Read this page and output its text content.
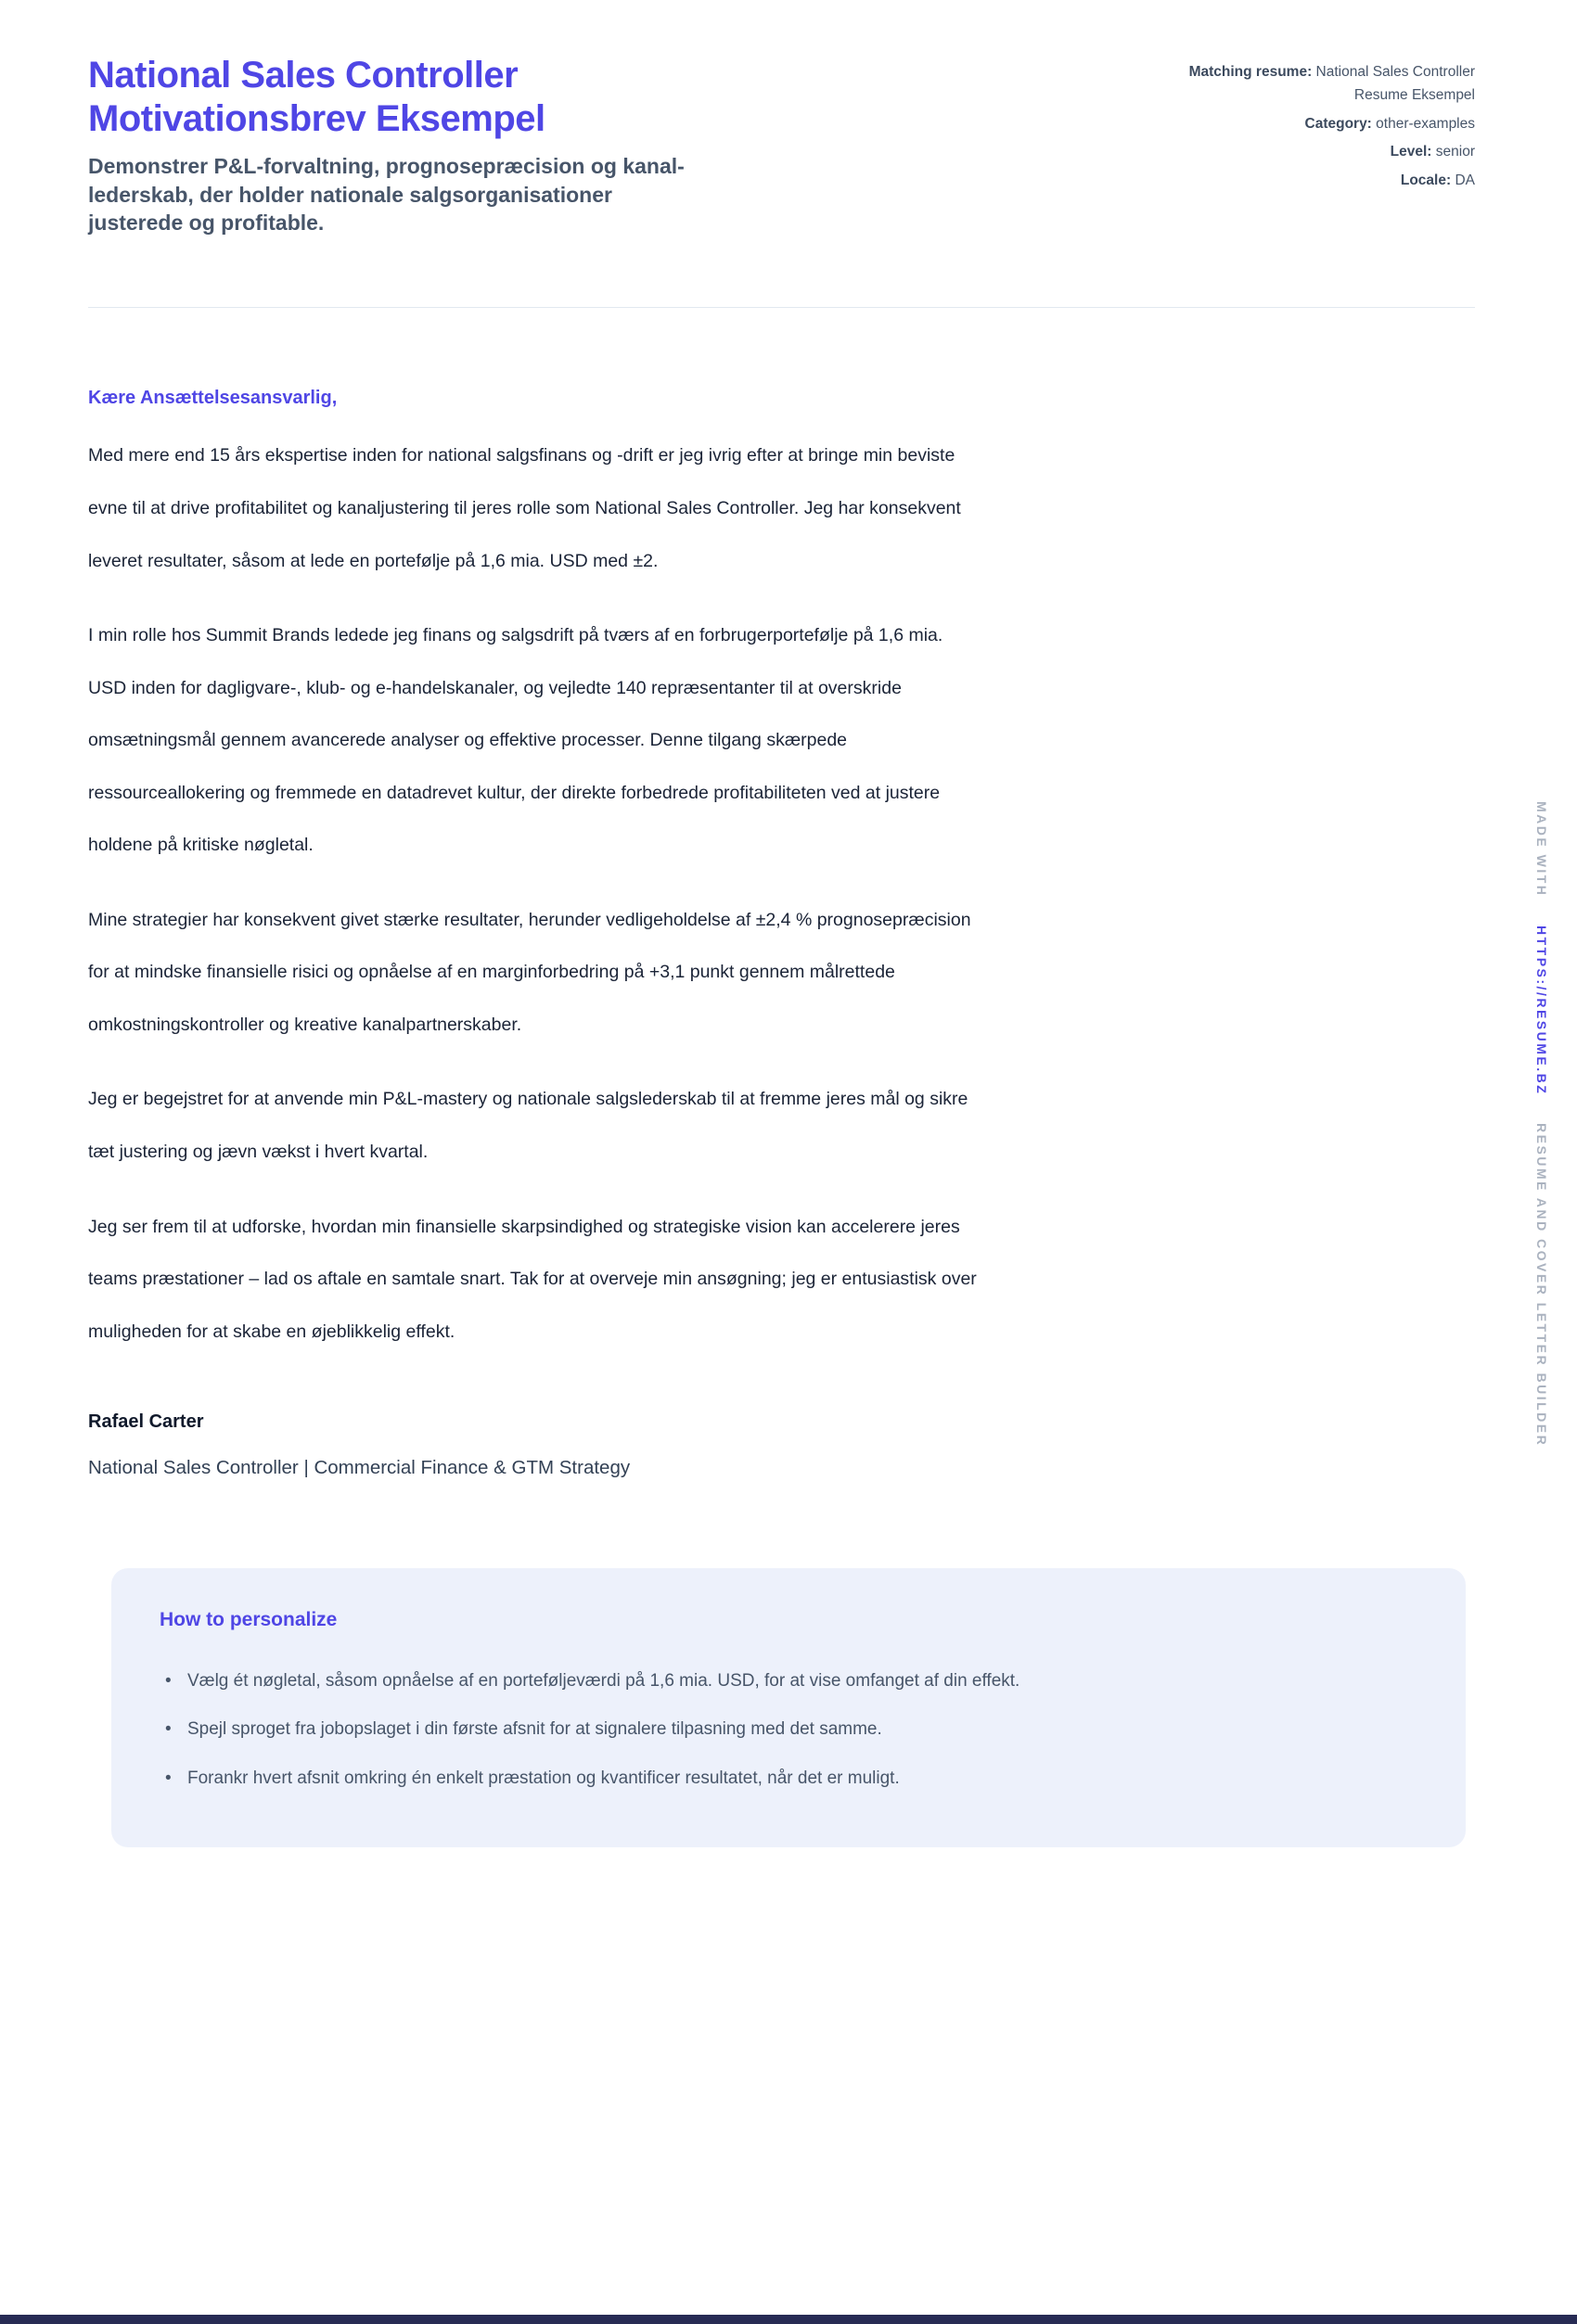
National Sales Controller Motivationsbrev Eksempel
Demonstrer P&L-forvaltning, prognosepræcision og kanal-lederskab, der holder nationale salgsorganisationer justerede og profitable.
Matching resume: National Sales Controller Resume Eksempel
Category: other-examples
Level: senior
Locale: DA
Kære Ansættelsesansvarlig,

Med mere end 15 års ekspertise inden for national salgsfinans og -drift er jeg ivrig efter at bringe min beviste evne til at drive profitabilitet og kanaljustering til jeres rolle som National Sales Controller. Jeg har konsekvent leveret resultater, såsom at lede en portefølje på 1,6 mia. USD med ±2.

I min rolle hos Summit Brands ledede jeg finans og salgsdrift på tværs af en forbrugerportefølje på 1,6 mia. USD inden for dagligvare-, klub- og e-handelskanaler, og vejledte 140 repræsentanter til at overskride omsætningsmål gennem avancerede analyser og effektive processer. Denne tilgang skærpede ressourceallokering og fremmede en datadrevet kultur, der direkte forbedrede profitabiliteten ved at justere holdene på kritiske nøgletal.

Mine strategier har konsekvent givet stærke resultater, herunder vedligeholdelse af ±2,4 % prognosepræcision for at mindske finansielle risici og opnåelse af en marginforbedring på +3,1 punkt gennem målrettede omkostningskontroller og kreative kanalpartnerskaber.

Jeg er begejstret for at anvende min P&L-mastery og nationale salgslederskab til at fremme jeres mål og sikre tæt justering og jævn vækst i hvert kvartal.

Jeg ser frem til at udforske, hvordan min finansielle skarpsindighed og strategiske vision kan accelerere jeres teams præstationer – lad os aftale en samtale snart. Tak for at overveje min ansøgning; jeg er entusiastisk over muligheden for at skabe en øjeblikkelig effekt.

Rafael Carter
National Sales Controller | Commercial Finance & GTM Strategy
How to personalize
• Vælg ét nøgletal, såsom opnåelse af en porteføljeværdi på 1,6 mia. USD, for at vise omfanget af din effekt.
• Spejl sproget fra jobopslaget i din første afsnit for at signalere tilpasning med det samme.
• Forankr hvert afsnit omkring én enkelt præstation og kvantificer resultatet, når det er muligt.
MADE WITH HTTPS://RESUME.BZ RESUME AND COVER LETTER BUILDER
